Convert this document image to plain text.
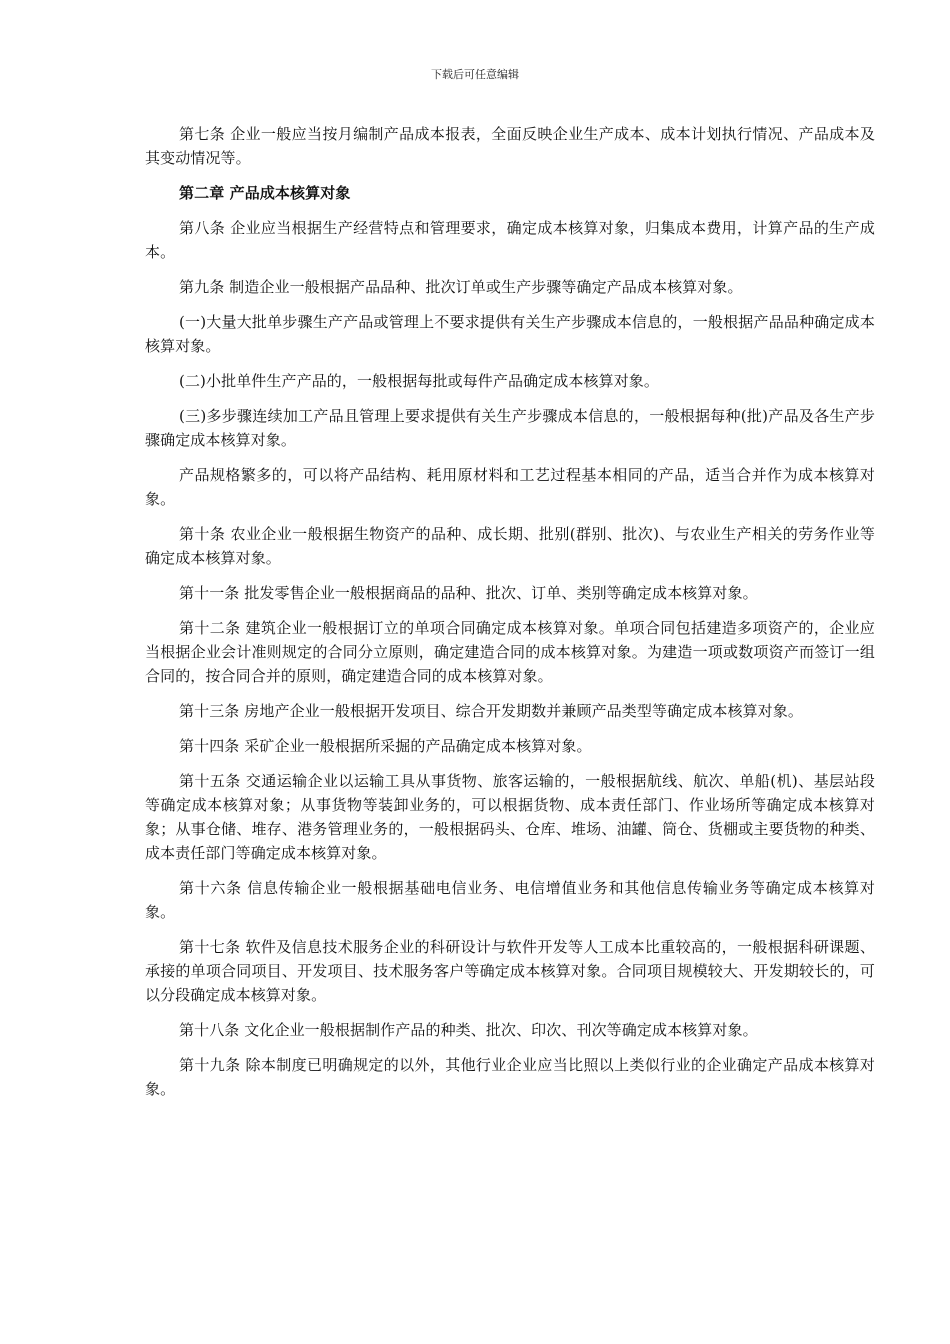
下载后可任意编辑

第七条 企业一般应当按月编制产品成本报表，全面反映企业生产成本、成本计划执行情况、产品成本及其变动情况等。

第二章 产品成本核算对象

第八条 企业应当根据生产经营特点和管理要求，确定成本核算对象，归集成本费用，计算产品的生产成本。

第九条 制造企业一般根据产品品种、批次订单或生产步骤等确定产品成本核算对象。

(一)大量大批单步骤生产产品或管理上不要求提供有关生产步骤成本信息的，一般根据产品品种确定成本核算对象。

(二)小批单件生产产品的，一般根据每批或每件产品确定成本核算对象。

(三)多步骤连续加工产品且管理上要求提供有关生产步骤成本信息的，一般根据每种(批)产品及各生产步骤确定成本核算对象。

产品规格繁多的，可以将产品结构、耗用原材料和工艺过程基本相同的产品，适当合并作为成本核算对象。

第十条 农业企业一般根据生物资产的品种、成长期、批别(群别、批次)、与农业生产相关的劳务作业等确定成本核算对象。

第十一条 批发零售企业一般根据商品的品种、批次、订单、类别等确定成本核算对象。

第十二条 建筑企业一般根据订立的单项合同确定成本核算对象。单项合同包括建造多项资产的，企业应当根据企业会计准则规定的合同分立原则，确定建造合同的成本核算对象。为建造一项或数项资产而签订一组合同的，按合同合并的原则，确定建造合同的成本核算对象。

第十三条 房地产企业一般根据开发项目、综合开发期数并兼顾产品类型等确定成本核算对象。

第十四条 采矿企业一般根据所采掘的产品确定成本核算对象。

第十五条 交通运输企业以运输工具从事货物、旅客运输的，一般根据航线、航次、单船(机)、基层站段等确定成本核算对象；从事货物等装卸业务的，可以根据货物、成本责任部门、作业场所等确定成本核算对象；从事仓储、堆存、港务管理业务的，一般根据码头、仓库、堆场、油罐、筒仓、货棚或主要货物的种类、成本责任部门等确定成本核算对象。

第十六条 信息传输企业一般根据基础电信业务、电信增值业务和其他信息传输业务等确定成本核算对象。

第十七条 软件及信息技术服务企业的科研设计与软件开发等人工成本比重较高的，一般根据科研课题、承接的单项合同项目、开发项目、技术服务客户等确定成本核算对象。合同项目规模较大、开发期较长的，可以分段确定成本核算对象。

第十八条 文化企业一般根据制作产品的种类、批次、印次、刊次等确定成本核算对象。

第十九条 除本制度已明确规定的以外，其他行业企业应当比照以上类似行业的企业确定产品成本核算对象。
